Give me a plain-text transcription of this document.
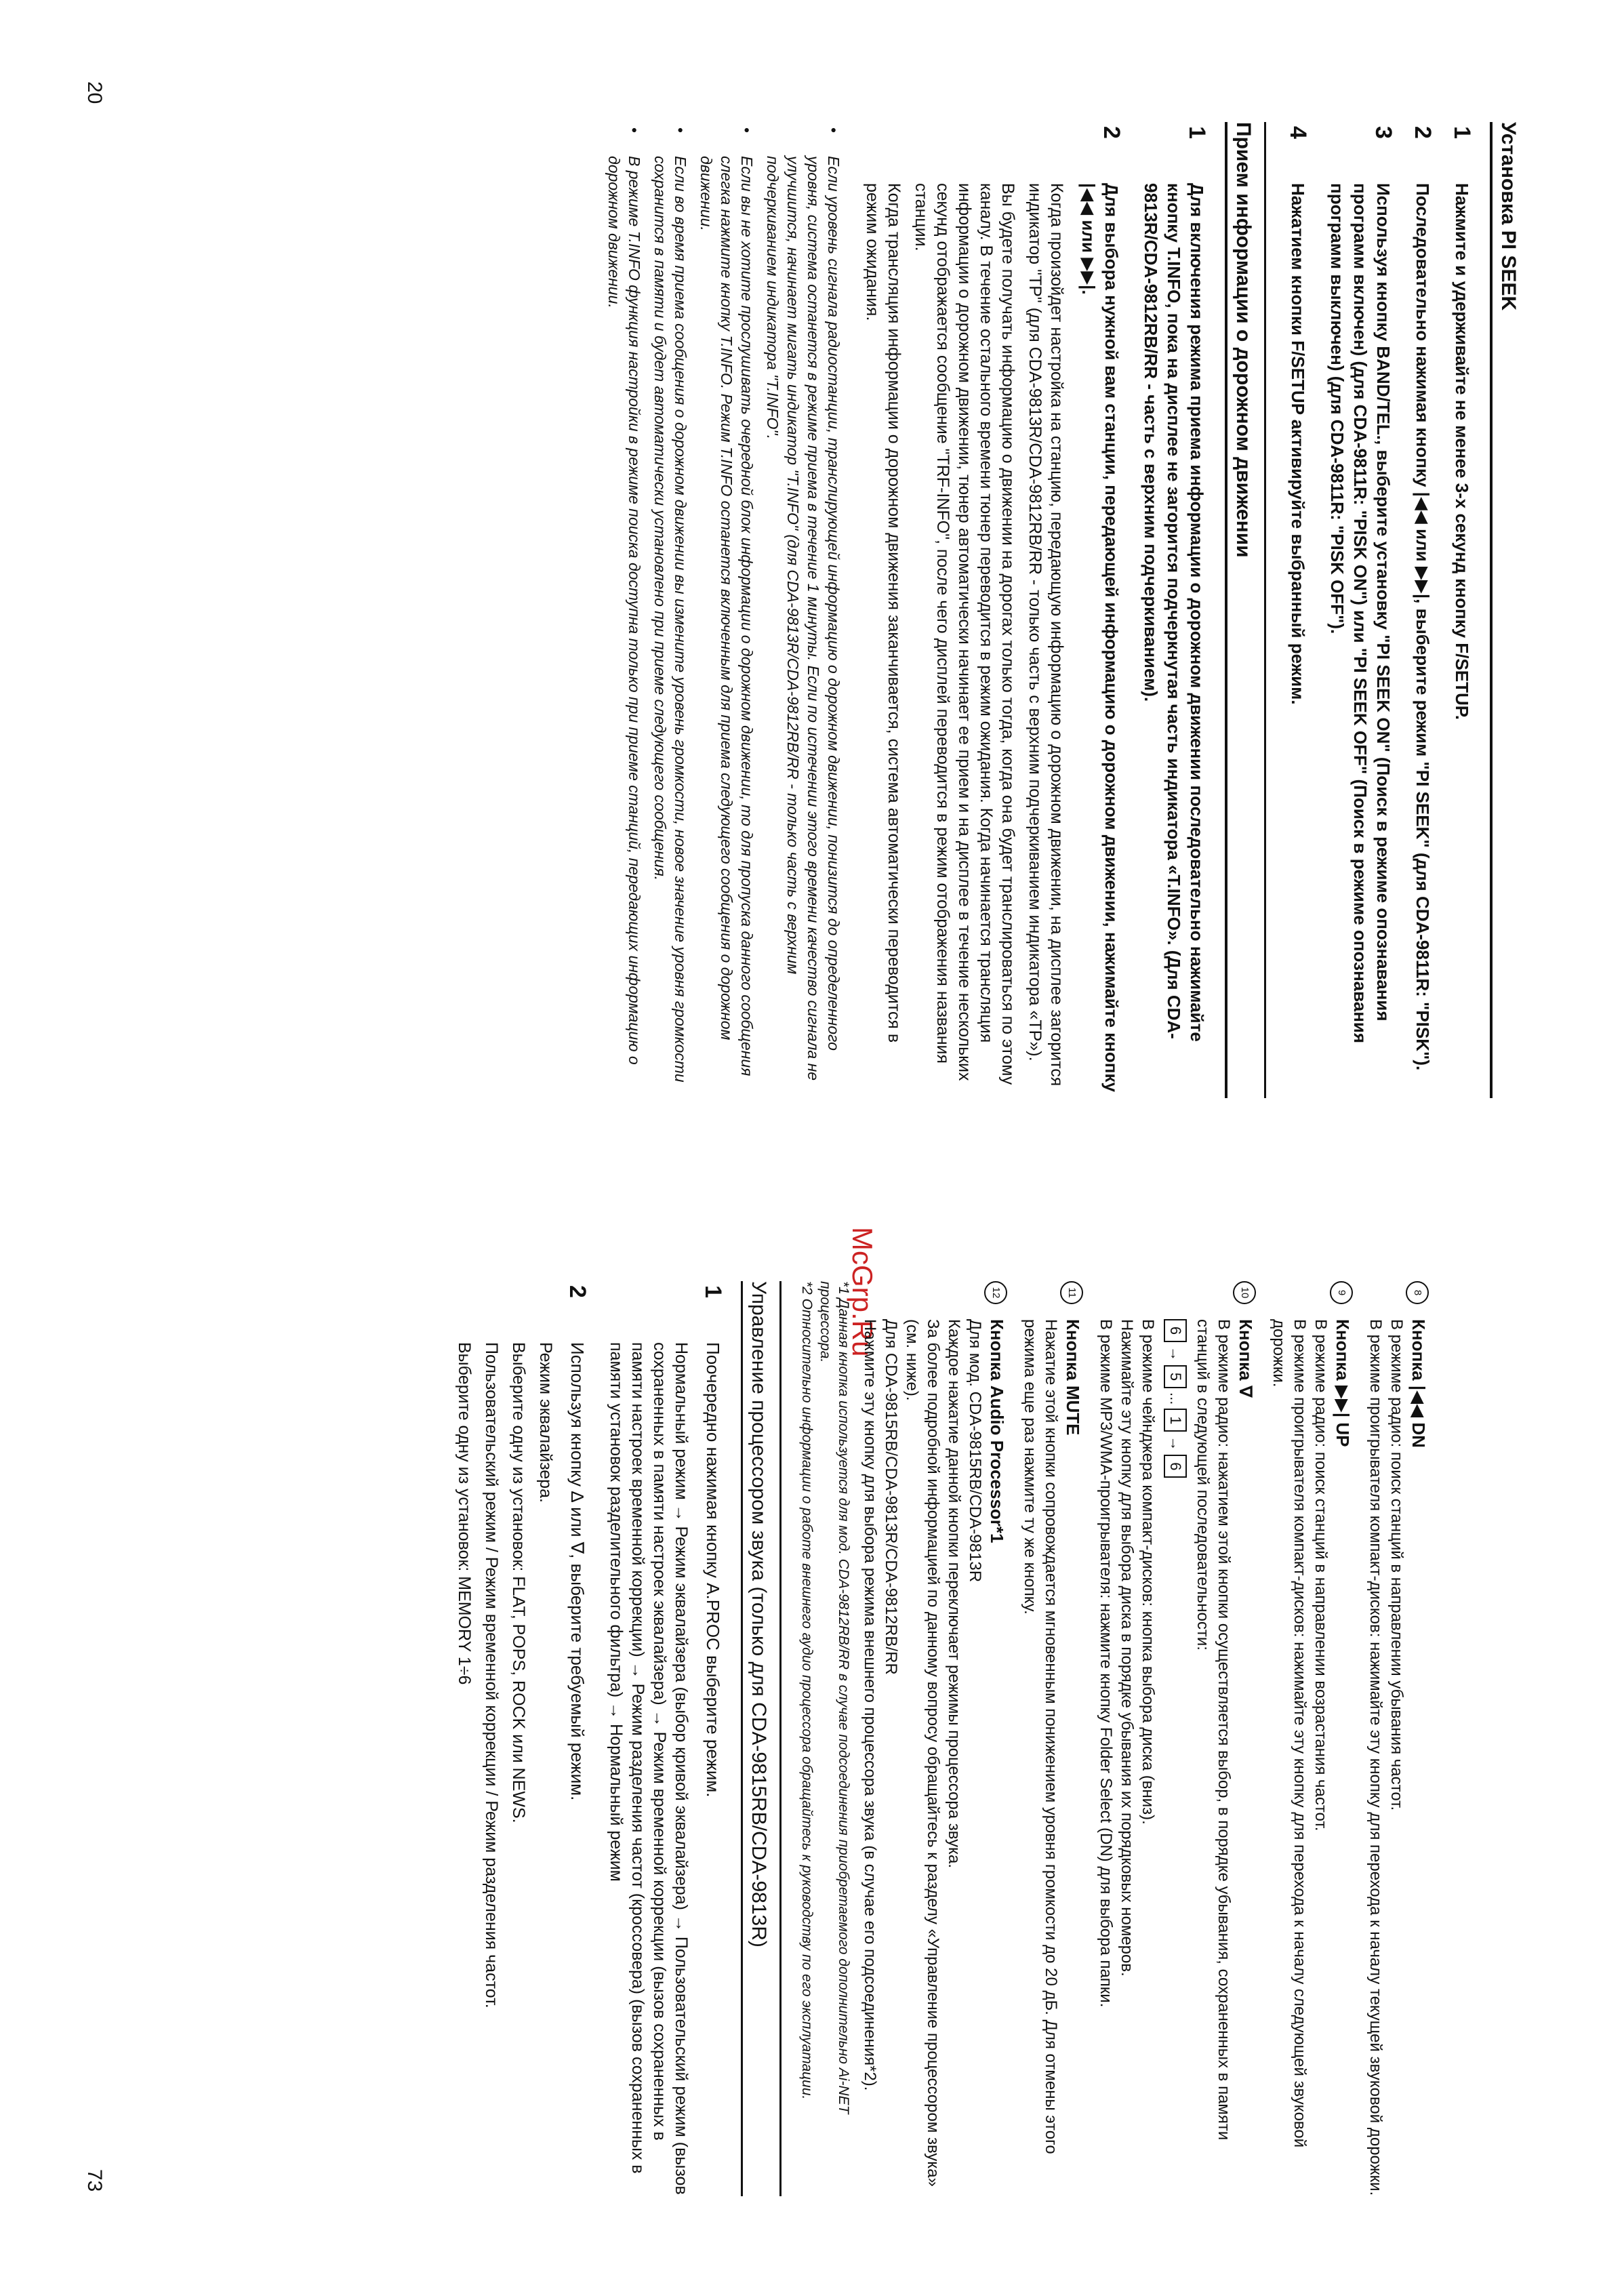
20
73
McGrp.Ru
Установка PI SEEK
1
Нажмите и удерживайте не менее 3-х секунд кнопку F/SETUP.
2
Последовательно нажимая кнопку |◀◀ или ▶▶|, выберите режим "PI SEEK" (для CDA-9811R: "PISK").
3
Используя кнопку BAND/TEL., выберите установку "PI SEEK ON" (Поиск в режиме опознавания программ включен) (для CDA-9811R: "PISK ON") или "PI SEEK OFF" (Поиск в режиме опознавания программ выключен) (для CDA-9811R: "PISK OFF").
4
Нажатием кнопки F/SETUP активируйте выбранный режим.
Прием информации о дорожном движении
1
Для включения режима приема информации о дорожном движении последовательно нажимайте кнопку T.INFO, пока на дисплее не загорится подчеркнутая часть индикатора «T.INFO». (Для CDA-9813R/CDA-9812RB/RR - часть с верхним подчеркиванием).
2
Для выбора нужной вам станции, передающей информацию о дорожном движении, нажимайте кнопку |◀◀ или ▶▶|.

Когда произойдет настройка на станцию, передающую информацию о дорожном движении, на дисплее загорится индикатор "TP" (для CDA-9813R/CDA-9812RB/RR - только часть с верхним подчеркиванием индикатора «TP»).

Вы будете получать информацию о движении на дорогах только тогда, когда она будет транслироваться по этому каналу. В течение остального времени тюнер переводится в режим ожидания. Когда начинается трансляция информации о дорожном движении, тюнер автоматически начинает ее прием и на дисплее в течение нескольких секунд отображается сообщение "TRF-INFO", после чего дисплей переводится в режим отображения названия станции.

Когда трансляция информации о дорожном движения заканчивается, система автоматически переводится в режим ожидания.

•
Если уровень сигнала радиостанции, транслирующей информацию о дорожном движении, понизится до определенного уровня, система останется в режиме приема в течение 1 минуты. Если по истечении этого времени качество сигнала не улучшится, начинает мигать индикатор "T.INFO" (для CDA-9813R/CDA-9812RB/RR - только часть с верхним подчеркиванием индикатора "T.INFO".
•
Если вы не хотите прослушивать очередной блок информации о дорожном движении, то для пропуска данного сообщения слегка нажмите кнопку T.INFO. Режим T.INFO останется включенным для приема следующего сообщения о дорожном движении.
•
Если во время приема сообщения о дорожном движении вы измените уровень громкости, новое значение уровня громкости сохранится в памяти и будет автоматически установлено при приеме следующего сообщения.
•
В режиме T.INFO функция настройки в режиме поиска доступна только при приеме станций, передающих информацию о дорожном движении.
8
Кнопка |◀◀ DN

В режиме радио: поиск станций в направлении убывания частот.

В режиме проигрывателя компакт-дисков: нажимайте эту кнопку для перехода к началу текущей звуковой дорожки.

9
Кнопка ▶▶| UP

В режиме радио: поиск станций в направлении возрастания частот.

В режиме проигрывателя компакт-дисков: нажимайте эту кнопку для перехода к началу следующей звуковой дорожки.

10
Кнопка ∇

В режиме радио: нажатием этой кнопки осуществляется выбор, в порядке убывания, сохраненных в памяти станций в следующей последовательности:

6→5...1→6

В режиме чейнджера компакт-дисков: кнопка выбора диска (вниз).

Нажимайте эту кнопку для выбора диска в порядке убывания их порядковых номеров.

В режиме MP3/WMA-проигрывателя: нажмите кнопку Folder Select (DN) для выбора папки.

11
Кнопка MUTE

Нажатие этой кнопки сопровождается мгновенным понижением уровня громкости до 20 дБ. Для отмены этого режима еще раз нажмите ту же кнопку.

12
Кнопка Audio Processor*1

Для мод. CDA-9815RB/CDA-9813R

Каждое нажатие данной кнопки переключает режимы процессора звука.

За более подробной информацией по данному вопросу обращайтесь к разделу «Управление процессором звука» (см. ниже).

Для CDA-9815RB/CDA-9813R/CDA-9812RB/RR

Нажмите эту кнопку для выбора режима внешнего процессора звука (в случае его подсоединения*2).

*1 Данная кнопка используется для мод. CDA-9812RB/RR в случае подсоединения приобретаемого дополнительно Ai-NET процессора.

*2 Относительно информации о работе внешнего аудио процессора обращайтесь к руководству по его эксплуатации.

Управление процессором звука (только для CDA-9815RB/CDA-9813R)
1
Поочередно нажимая кнопку A.PROC выберите режим.
Нормальный режим → Режим эквалайзера (выбор кривой эквалайзера) → Пользовательский режим (вызов сохраненных в памяти настроек эквалайзера) → Режим временной коррекции (вызов сохраненных в памяти настроек временной коррекции) → Режим разделения частот (кроссовера) (вызов сохраненных в памяти установок разделительного фильтра) → Нормальный режим
2
Используя кнопку ∆ или ∇, выберите требуемый режим.

Режим эквалайзера.

Выберите одну из установок: FLAT, POPS, ROCK или NEWS.

Пользовательский режим / Режим временной коррекции / Режим разделения частот.

Выберите одну из установок: MEMORY 1÷6
